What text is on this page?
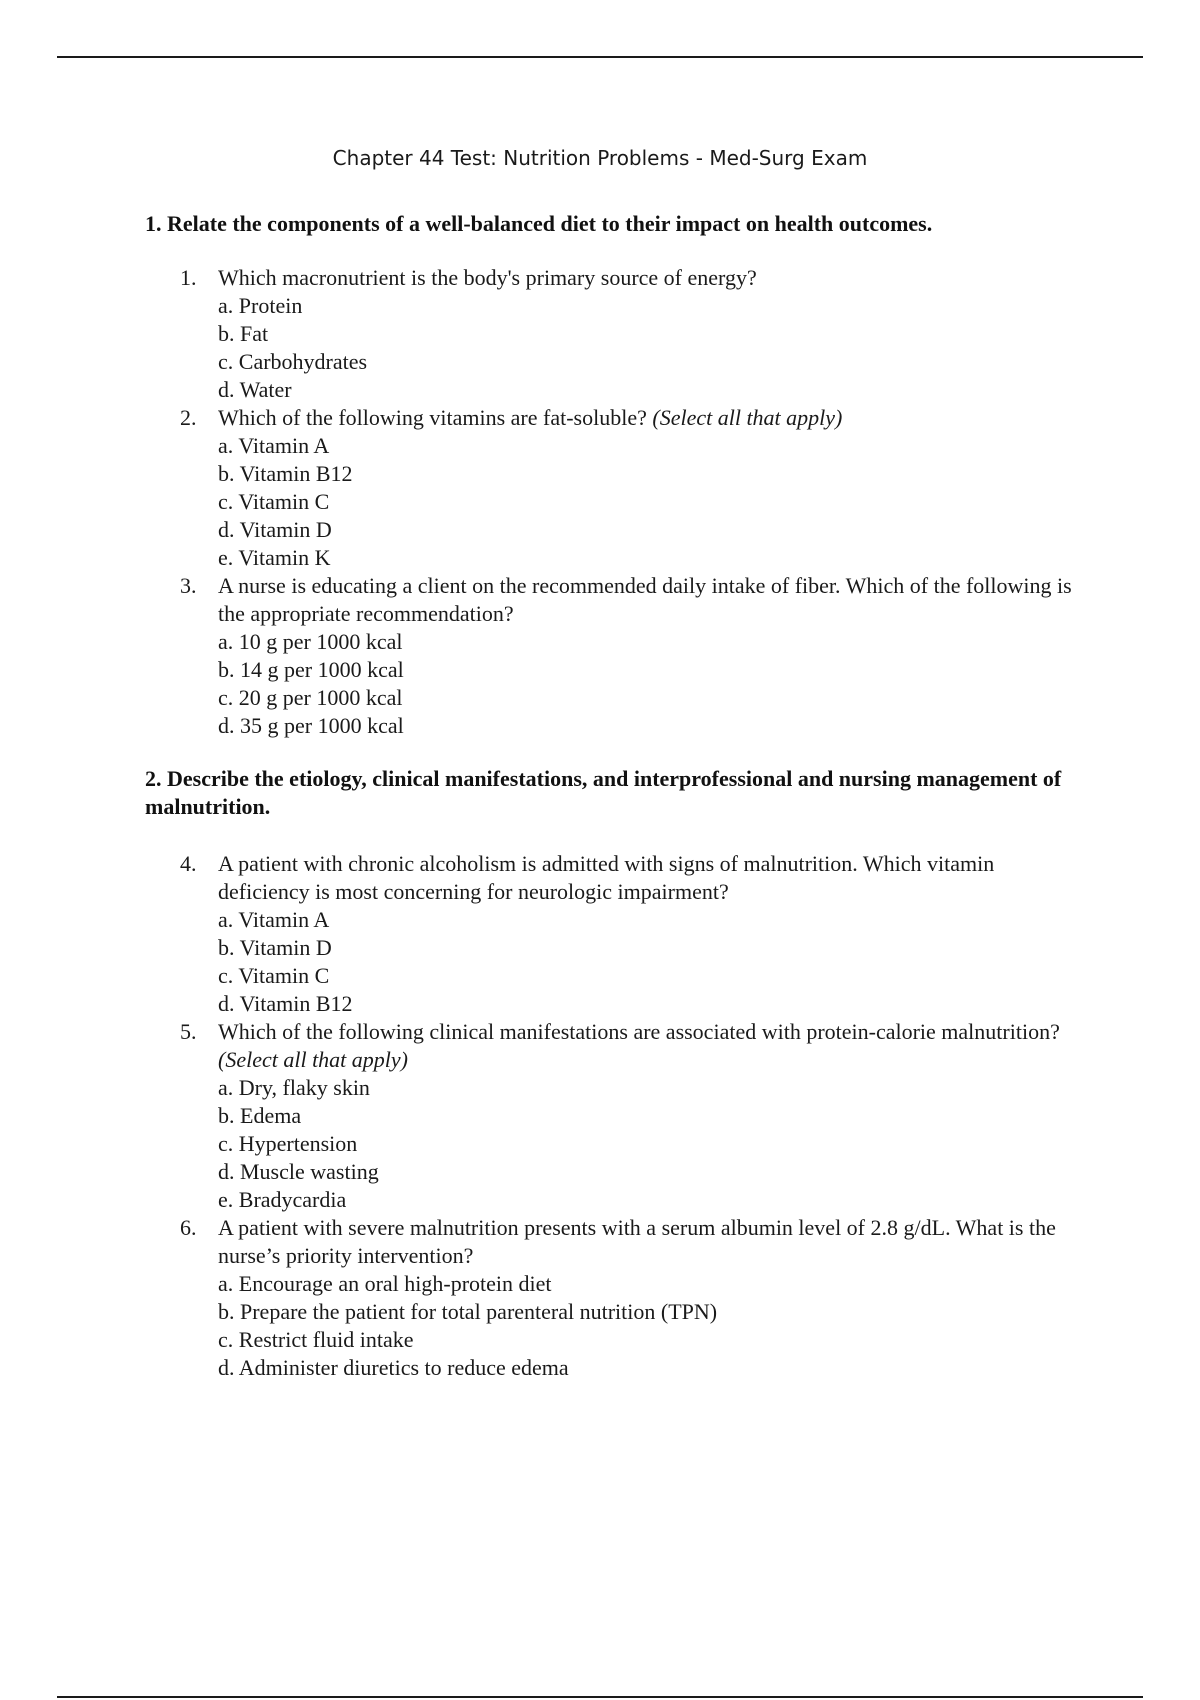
Chapter 44 Test: Nutrition Problems - Med-Surg Exam
1. Relate the components of a well-balanced diet to their impact on health outcomes.
1. Which macronutrient is the body's primary source of energy?
a. Protein
b. Fat
c. Carbohydrates
d. Water
2. Which of the following vitamins are fat-soluble? (Select all that apply)
a. Vitamin A
b. Vitamin B12
c. Vitamin C
d. Vitamin D
e. Vitamin K
3. A nurse is educating a client on the recommended daily intake of fiber. Which of the following is the appropriate recommendation?
a. 10 g per 1000 kcal
b. 14 g per 1000 kcal
c. 20 g per 1000 kcal
d. 35 g per 1000 kcal
2. Describe the etiology, clinical manifestations, and interprofessional and nursing management of malnutrition.
4. A patient with chronic alcoholism is admitted with signs of malnutrition. Which vitamin deficiency is most concerning for neurologic impairment?
a. Vitamin A
b. Vitamin D
c. Vitamin C
d. Vitamin B12
5. Which of the following clinical manifestations are associated with protein-calorie malnutrition? (Select all that apply)
a. Dry, flaky skin
b. Edema
c. Hypertension
d. Muscle wasting
e. Bradycardia
6. A patient with severe malnutrition presents with a serum albumin level of 2.8 g/dL. What is the nurse’s priority intervention?
a. Encourage an oral high-protein diet
b. Prepare the patient for total parenteral nutrition (TPN)
c. Restrict fluid intake
d. Administer diuretics to reduce edema
